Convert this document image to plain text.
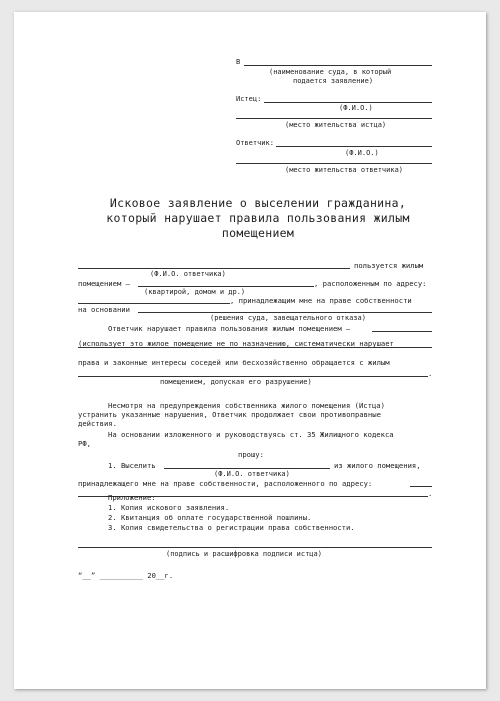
В
(наименование суда, в который
подается заявление)
Истец:
(Ф.И.О.)
(место жительства истца)
Ответчик:
(Ф.И.О.)
(место жительства ответчика)
Исковое заявление о выселении гражданина,
который нарушает правила пользования жилым
помещением
пользуется жилым
(Ф.И.О. ответчика)
помещением –	, расположенным по адресу:
(квартирой, домом и др.)
, принадлежащим мне на праве собственности
на основании
(решения суда, завещательного отказа)
Ответчик нарушает правила пользования жилым помещением –
(использует это жилое помещение не по назначению, систематически нарушает
права и законные интересы соседей или бесхозяйственно обращается с жилым
.
помещением, допуская его разрушение)
Несмотря на предупреждения собственника жилого помещения (Истца)
устранить указанные нарушения, Ответчик продолжает свои противоправные
действия.
На основании изложенного и руководствуясь ст. 35 Жилищного кодекса
РФ,
прошу:
1. Выселить	из жилого помещения,
(Ф.И.О. ответчика)
принадлежащего мне на праве собственности, расположенного по адресу:
.
Приложение:
1. Копия искового заявления.
2. Квитанция об оплате государственной пошлины.
3. Копия свидетельства о регистрации права собственности.
(подпись и расшифровка подписи истца)
“__” __________ 20__г.
